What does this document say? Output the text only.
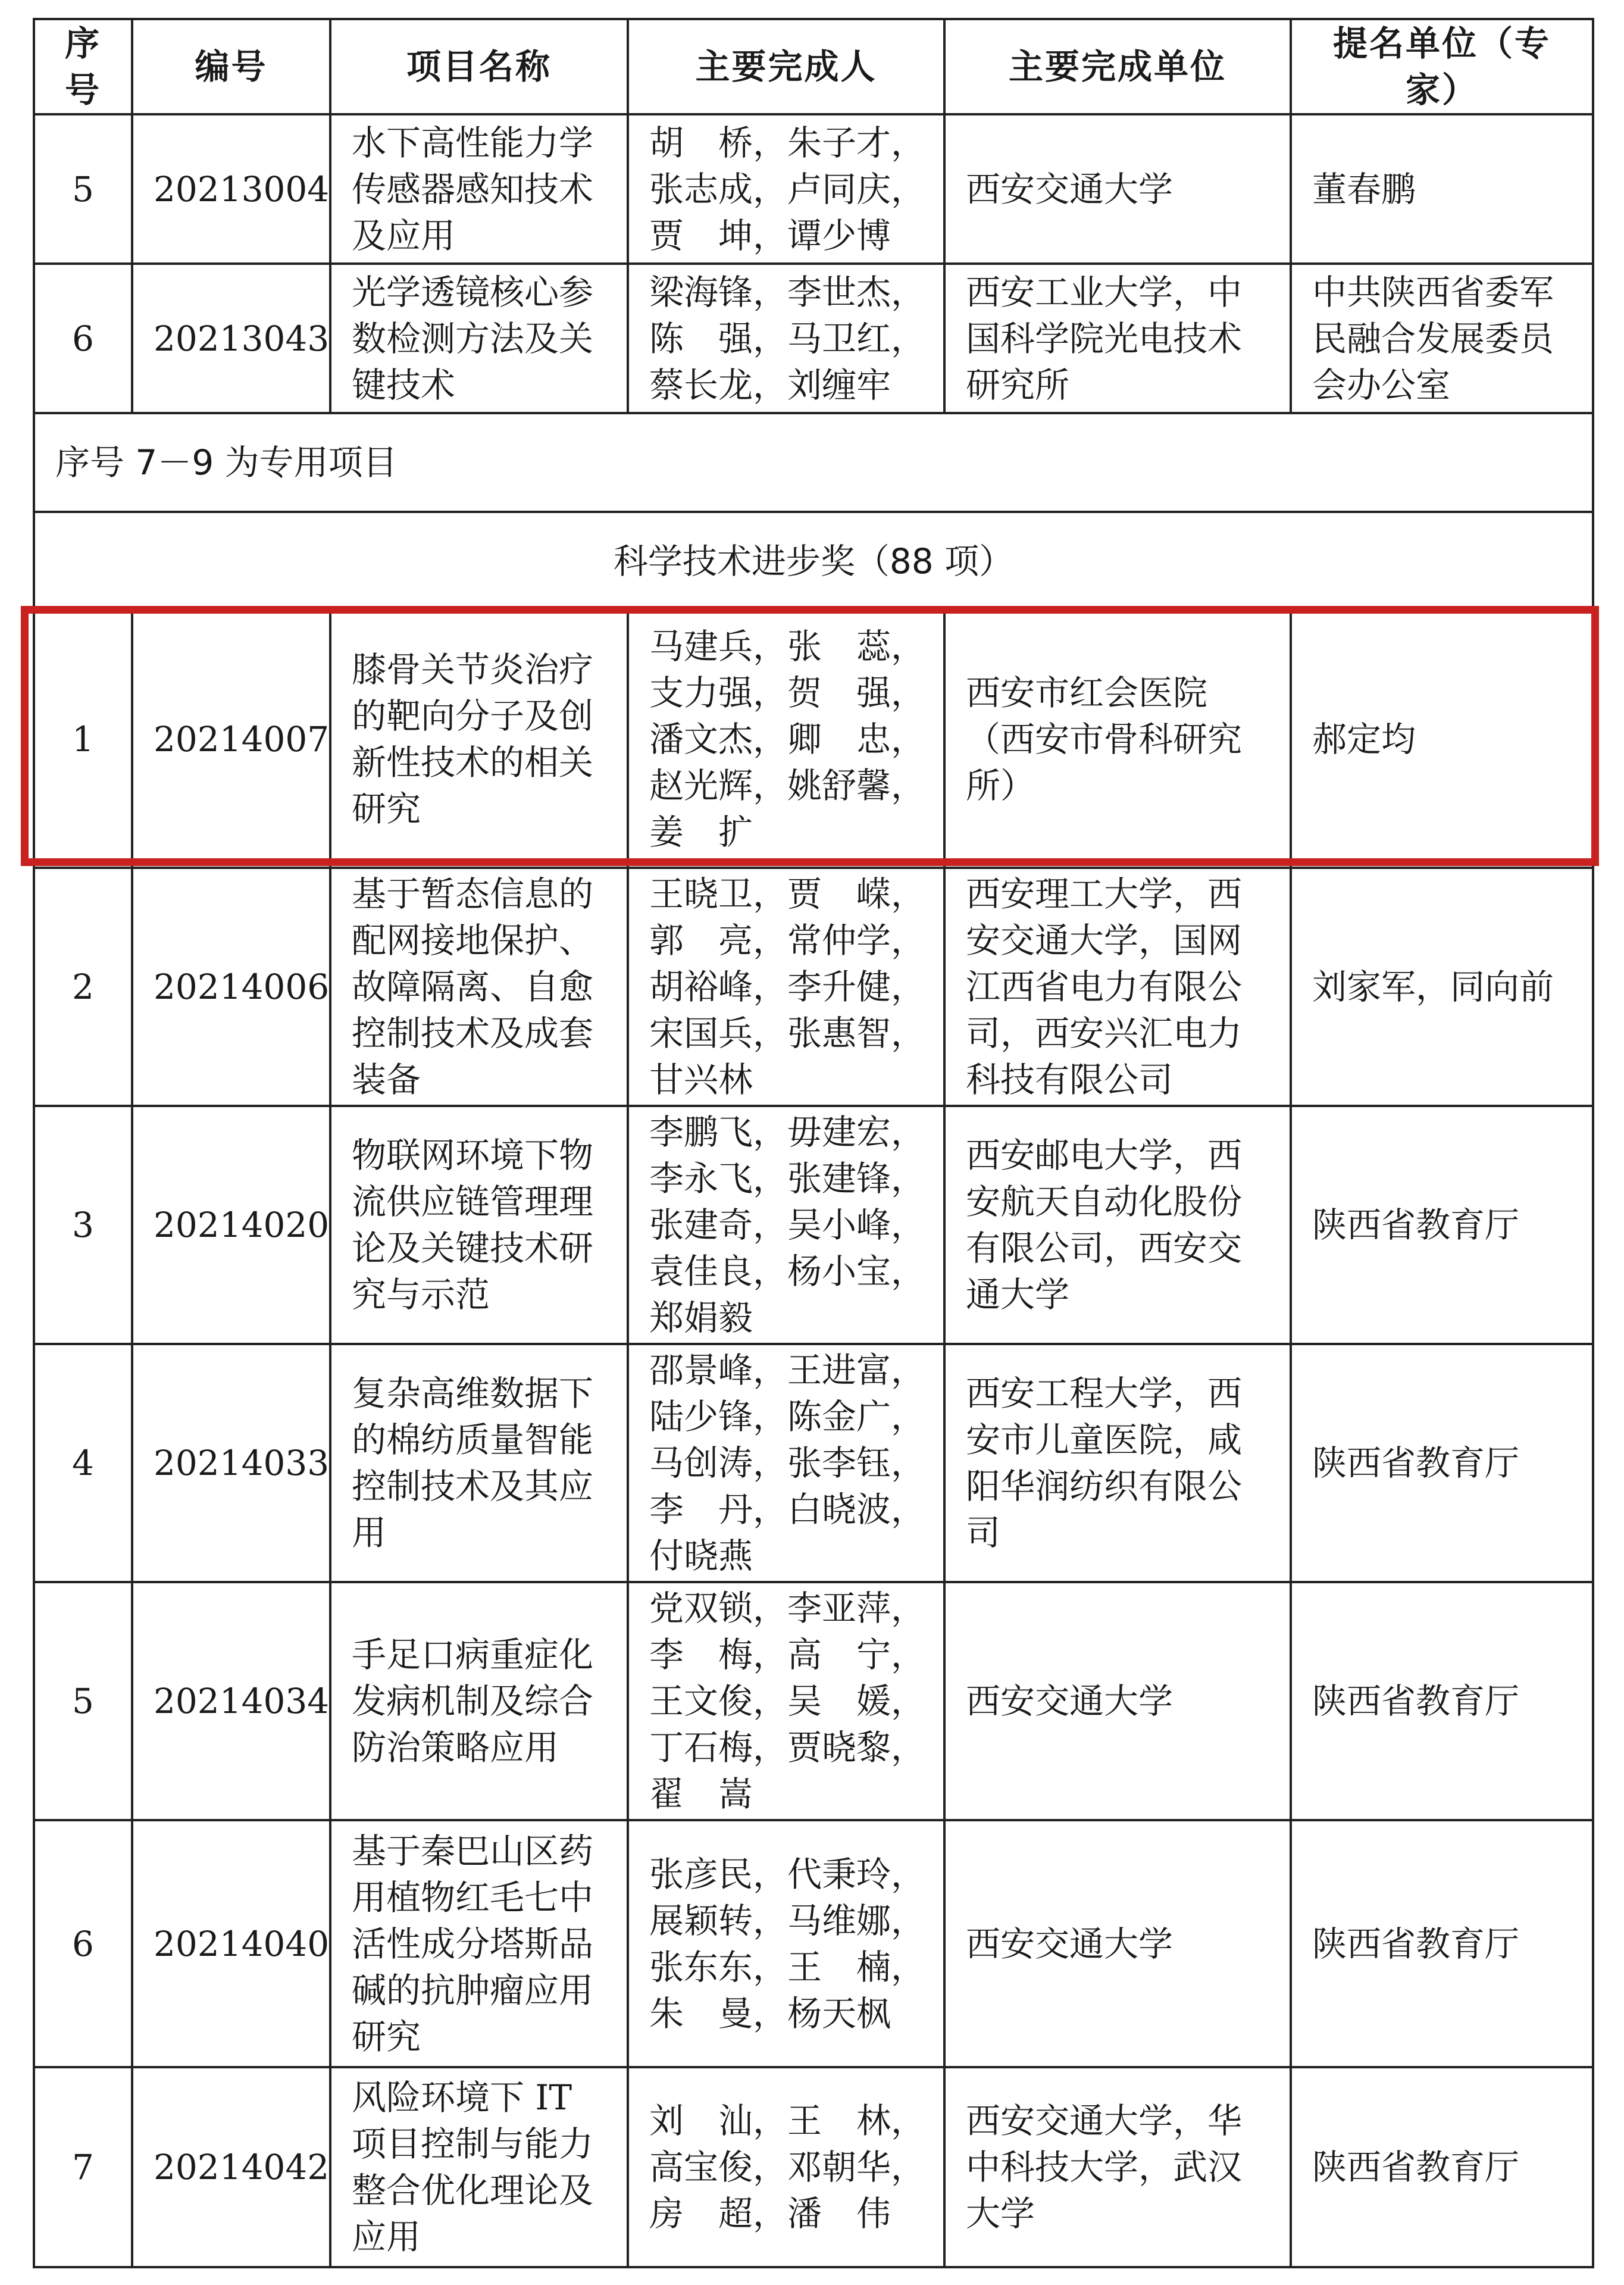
序号	编号	项目名称	主要完成人	主要完成单位	提名单位（专家）
5	20213004	水下高性能力学
传感器感知技术
及应用	胡　桥，朱子才，
张志成，卢同庆，
贾　坤，谭少博	西安交通大学	董春鹏
6	20213043	光学透镜核心参
数检测方法及关
键技术	梁海锋，李世杰，
陈　强，马卫红，
蔡长龙，刘缠牢	西安工业大学，中
国科学院光电技术
研究所	中共陕西省委军
民融合发展委员
会办公室

序号 7－9 为专用项目					
科学技术进步奖（88 项）					
1	20214007	膝骨关节炎治疗
的靶向分子及创
新性技术的相关
研究	马建兵，张　蕊，
支力强，贺　强，
潘文杰，卿　忠，
赵光辉，姚舒馨，
姜　扩	西安市红会医院
（西安市骨科研究
所）	郝定均
2	20214006	基于暂态信息的
配网接地保护、
故障隔离、自愈
控制技术及成套
装备	王晓卫，贾　嵘，
郭　亮，常仲学，
胡裕峰，李升健，
宋国兵，张惠智，
甘兴林	西安理工大学，西
安交通大学，国网
江西省电力有限公
司，西安兴汇电力
科技有限公司	刘家军，同向前
3	20214020	物联网环境下物
流供应链管理理
论及关键技术研
究与示范	李鹏飞，毋建宏，
李永飞，张建锋，
张建奇，吴小峰，
袁佳良，杨小宝，
郑娟毅	西安邮电大学，西
安航天自动化股份
有限公司，西安交
通大学	陕西省教育厅
4	20214033	复杂高维数据下
的棉纺质量智能
控制技术及其应
用	邵景峰，王进富，
陆少锋，陈金广，
马创涛，张李钰，
李　丹，白晓波，
付晓燕	西安工程大学，西
安市儿童医院，咸
阳华润纺织有限公
司	陕西省教育厅
5	20214034	手足口病重症化
发病机制及综合
防治策略应用	党双锁，李亚萍，
李　梅，高　宁，
王文俊，吴　媛，
丁石梅，贾晓黎，
翟　嵩	西安交通大学	陕西省教育厅
6	20214040	基于秦巴山区药
用植物红毛七中
活性成分塔斯品
碱的抗肿瘤应用
研究	张彦民，代秉玲，
展颖转，马维娜，
张东东，王　楠，
朱　曼，杨天枫	西安交通大学	陕西省教育厅
7	20214042	风险环境下 IT
项目控制与能力
整合优化理论及
应用	刘　汕，王　林，
高宝俊，邓朝华，
房　超，潘　伟	西安交通大学，华
中科技大学，武汉
大学	陕西省教育厅
